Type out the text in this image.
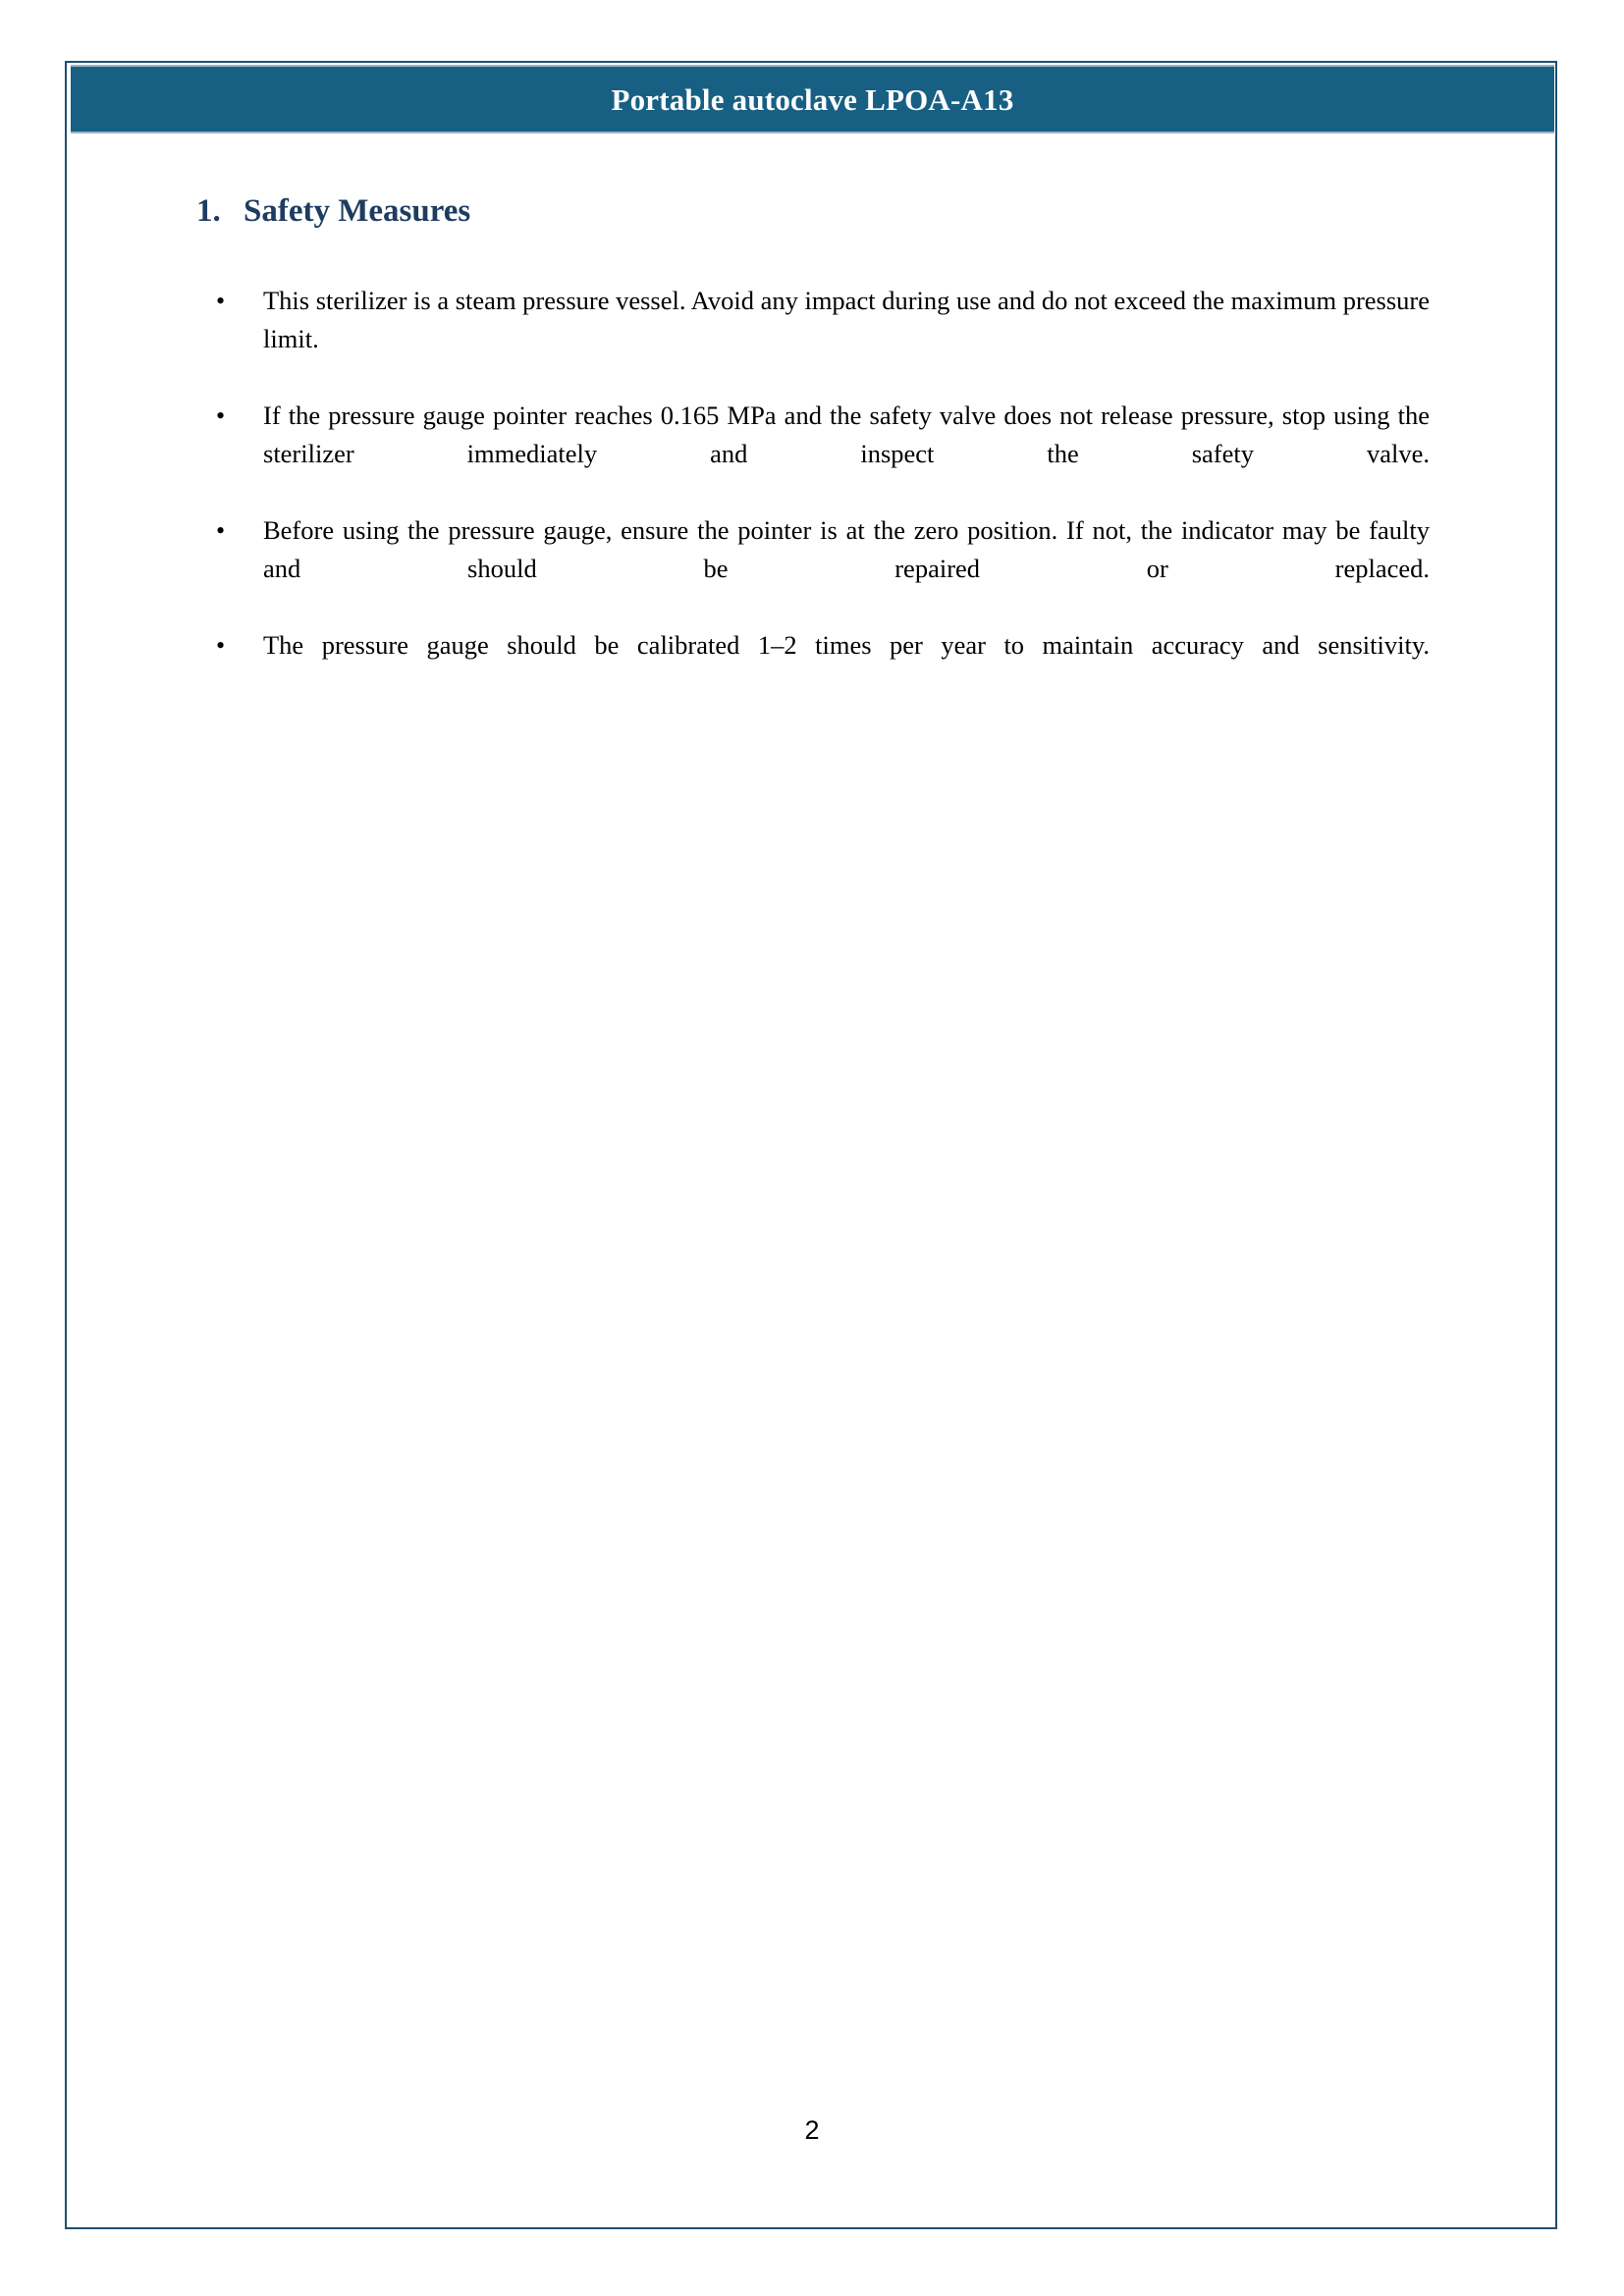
Portable autoclave LPOA-A13
1. Safety Measures
•	This sterilizer is a steam pressure vessel. Avoid any impact during use and do not exceed the maximum pressure limit.
•	If the pressure gauge pointer reaches 0.165 MPa and the safety valve does not release pressure, stop using the sterilizer immediately and inspect the safety valve.
•	Before using the pressure gauge, ensure the pointer is at the zero position. If not, the indicator may be faulty and should be repaired or replaced.
•	The pressure gauge should be calibrated 1–2 times per year to maintain accuracy and sensitivity.
2
